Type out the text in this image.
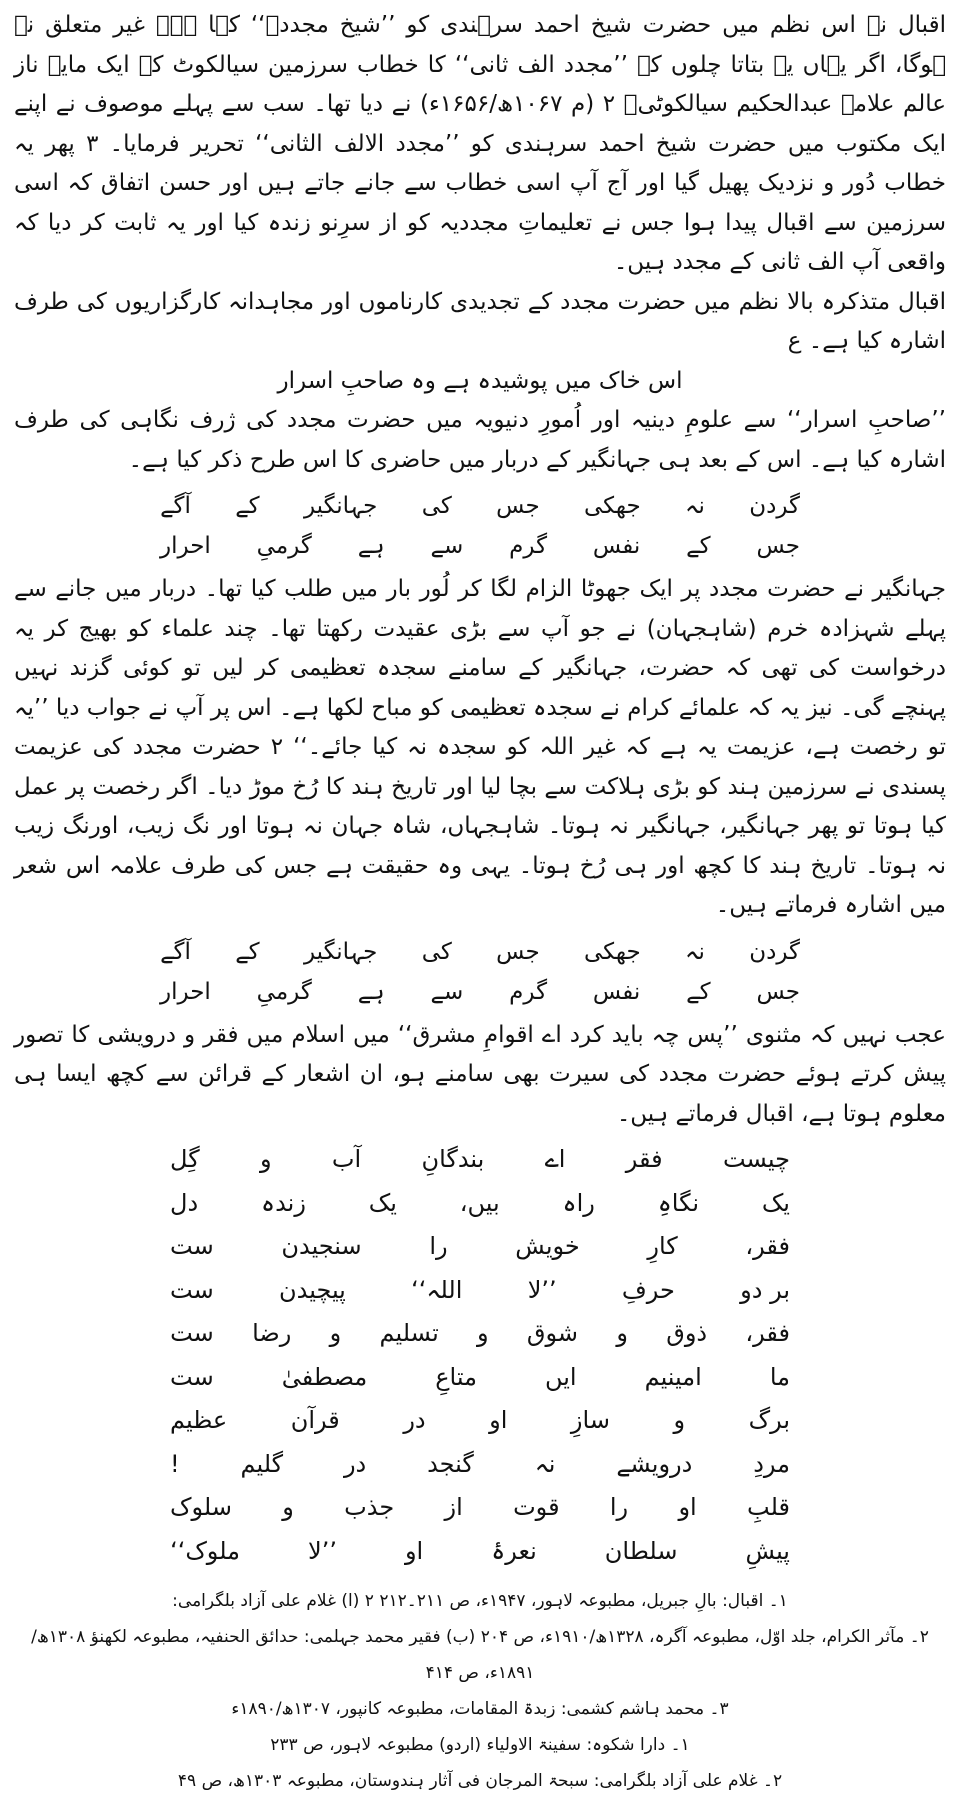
اقبال نے اس نظم میں حضرت شیخ احمد سرہندی کو ’’شیخ مجددؒ‘‘ کہا ہے۔ غیر متعلق نہ ہوگا، اگر یہاں یہ بتاتا چلوں کہ ’’مجدد الف ثانی‘‘ کا خطاب سرزمین سیالکوٹ کے ایک مایہ ناز عالم علامہ عبدالحکیم سیالکوٹیؒ ۲ (م ۱۰۶۷ھ/۱۶۵۶ء) نے دیا تھا۔ سب سے پہلے موصوف نے اپنے ایک مکتوب میں حضرت شیخ احمد سرہندی کو ’’مجدد الالف الثانی‘‘ تحریر فرمایا۔ ۳ پھر یہ خطاب دُور و نزدیک پھیل گیا اور آج آپ اسی خطاب سے جانے جاتے ہیں اور حسن اتفاق کہ اسی سرزمین سے اقبال پیدا ہوا جس نے تعلیماتِ مجددیہ کو از سرِنو زندہ کیا اور یہ ثابت کر دیا کہ واقعی آپ الف ثانی کے مجدد ہیں۔

اقبال متذکرہ بالا نظم میں حضرت مجدد کے تجدیدی کارناموں اور مجاہدانہ کارگزاریوں کی طرف اشارہ کیا ہے۔ ع

اس خاک میں پوشیدہ ہے وہ صاحبِ اسرار

’’صاحبِ اسرار‘‘ سے علومِ دینیہ اور اُمورِ دنیویہ میں حضرت مجدد کی ژرف نگاہی کی طرف اشارہ کیا ہے۔ اس کے بعد ہی جہانگیر کے دربار میں حاضری کا اس طرح ذکر کیا ہے۔

گردن
نہ
جھکی
جس
کی
جہانگیر
کے
آگے
جس
کے
نفس
گرم
سے
ہے
گرمیِ
احرار

جہانگیر نے حضرت مجدد پر ایک جھوٹا الزام لگا کر لُور بار میں طلب کیا تھا۔ دربار میں جانے سے پہلے شہزادہ خرم (شاہجہان) نے جو آپ سے بڑی عقیدت رکھتا تھا۔ چند علماء کو بھیج کر یہ درخواست کی تھی کہ حضرت، جہانگیر کے سامنے سجدہ تعظیمی کر لیں تو کوئی گزند نہیں پہنچے گی۔ نیز یہ کہ علمائے کرام نے سجدہ تعظیمی کو مباح لکھا ہے۔ اس پر آپ نے جواب دیا ’’یہ تو رخصت ہے، عزیمت یہ ہے کہ غیر اللہ کو سجدہ نہ کیا جائے۔‘‘ ۲ حضرت مجدد کی عزیمت پسندی نے سرزمین ہند کو بڑی ہلاکت سے بچا لیا اور تاریخ ہند کا رُخ موڑ دیا۔ اگر رخصت پر عمل کیا ہوتا تو پھر جہانگیر، جہانگیر نہ ہوتا۔ شاہجہاں، شاہ جہان نہ ہوتا اور نگ زیب، اورنگ زیب نہ ہوتا۔ تاریخ ہند کا کچھ اور ہی رُخ ہوتا۔ یہی وہ حقیقت ہے جس کی طرف علامہ اس شعر میں اشارہ فرماتے ہیں۔

گردن
نہ
جھکی
جس
کی
جہانگیر
کے
آگے
جس
کے
نفس
گرم
سے
ہے
گرمیِ
احرار

عجب نہیں کہ مثنوی ’’پس چہ باید کرد اے اقوامِ مشرق‘‘ میں اسلام میں فقر و درویشی کا تصور پیش کرتے ہوئے حضرت مجدد کی سیرت بھی سامنے ہو، ان اشعار کے قرائن سے کچھ ایسا ہی معلوم ہوتا ہے، اقبال فرماتے ہیں۔

چیست
فقر
اے
بندگانِ
آب
و
گِل
یک
نگاہِ
راہ
بیں،
یک
زندہ
دل
فقر،
کارِ
خویش
را
سنجیدن
ست
بر دو
حرفِ
’’لا
اللہ‘‘
پیچیدن
ست
فقر،
ذوق
و
شوق
و
تسلیم
و
رضا
ست
ما
امینیم
ایں
متاعِ
مصطفیٰ
ست
برگ
و
سازِ
او
در
قرآن
عظیم
مردِ
درویشے
نہ
گنجد
در
گلیم
!
قلبِ
او
را
قوت
از
جذب
و
سلوک
پیشِ
سلطان
نعرۂ
او
’’لا
ملوک‘‘

۱۔ اقبال: بالِ جبریل، مطبوعہ لاہور، ۱۹۴۷ء، ص ۲۱۱۔۲۱۲ ۲ (ا) غلام علی آزاد بلگرامی:

۲۔ مآثر الکرام، جلد اوّل، مطبوعہ آگرہ، ۱۳۲۸ھ/۱۹۱۰ء، ص ۲۰۴ (ب) فقیر محمد جہلمی: حدائق الحنفیہ، مطبوعہ لکھنؤ ۱۳۰۸ھ/۱۸۹۱ء، ص ۴۱۴

۳۔ محمد ہاشم کشمی: زبدۃ المقامات، مطبوعہ کانپور، ۱۳۰۷ھ/۱۸۹۰ء

۱۔ دارا شکوہ: سفینۃ الاولیاء (اردو) مطبوعہ لاہور، ص ۲۳۳

۲۔ غلام علی آزاد بلگرامی: سبحۃ المرجان فی آثار ہندوستان، مطبوعہ ۱۳۰۳ھ، ص ۴۹
